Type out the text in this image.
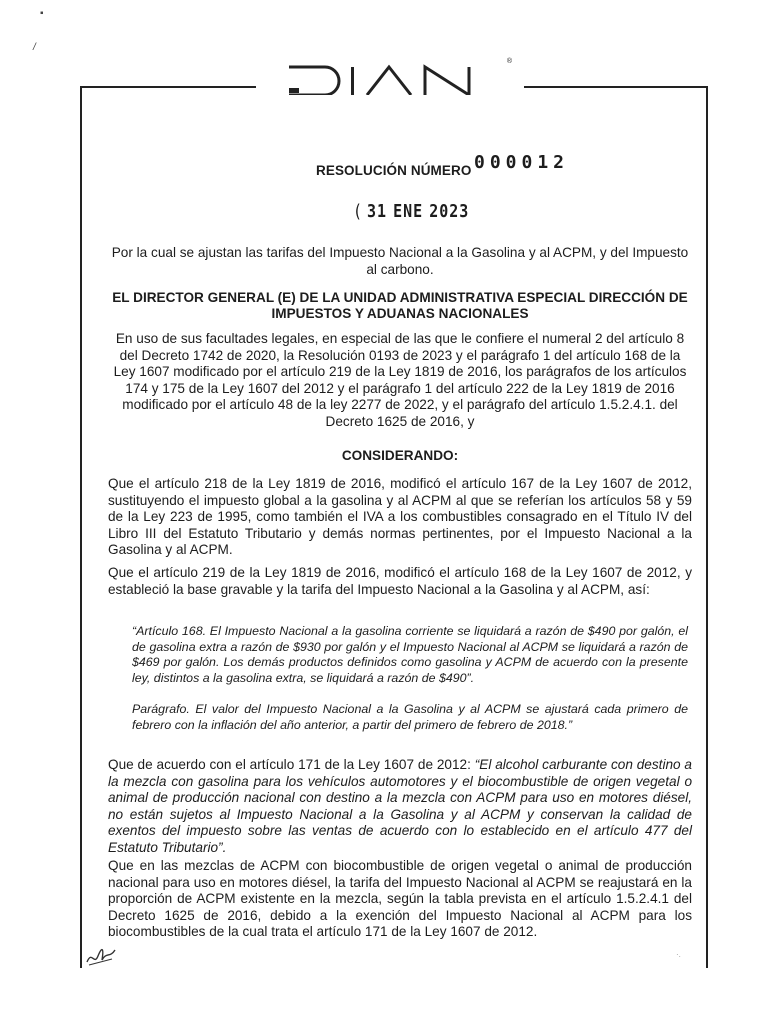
▪
/
®
RESOLUCIÓN NÚMERO 000012
( 31 ENE 2023
Por la cual se ajustan las tarifas del Impuesto Nacional a la Gasolina y al ACPM, y del Impuesto al carbono.
EL DIRECTOR GENERAL (E) DE LA UNIDAD ADMINISTRATIVA ESPECIAL DIRECCIÓN DE IMPUESTOS Y ADUANAS NACIONALES
En uso de sus facultades legales, en especial de las que le confiere el numeral 2 del artículo 8 del Decreto 1742 de 2020, la Resolución 0193 de 2023 y el parágrafo 1 del artículo 168 de la Ley 1607 modificado por el artículo 219 de la Ley 1819 de 2016, los parágrafos de los artículos 174 y 175 de la Ley 1607 del 2012 y el parágrafo 1 del artículo 222 de la Ley 1819 de 2016 modificado por el artículo 48 de la ley 2277 de 2022, y el parágrafo del artículo 1.5.2.4.1. del Decreto 1625 de 2016, y
CONSIDERANDO:
Que el artículo 218 de la Ley 1819 de 2016, modificó el artículo 167 de la Ley 1607 de 2012, sustituyendo el impuesto global a la gasolina y al ACPM al que se referían los artículos 58 y 59 de la Ley 223 de 1995, como también el IVA a los combustibles consagrado en el Título IV del Libro III del Estatuto Tributario y demás normas pertinentes, por el Impuesto Nacional a la Gasolina y al ACPM.
Que el artículo 219 de la Ley 1819 de 2016, modificó el artículo 168 de la Ley 1607 de 2012, y estableció la base gravable y la tarifa del Impuesto Nacional a la Gasolina y al ACPM, así:
“Artículo 168. El Impuesto Nacional a la gasolina corriente se liquidará a razón de $490 por galón, el de gasolina extra a razón de $930 por galón y el Impuesto Nacional al ACPM se liquidará a razón de $469 por galón. Los demás productos definidos como gasolina y ACPM de acuerdo con la presente ley, distintos a la gasolina extra, se liquidará a razón de $490”.
Parágrafo. El valor del Impuesto Nacional a la Gasolina y al ACPM se ajustará cada primero de febrero con la inflación del año anterior, a partir del primero de febrero de 2018.”
Que de acuerdo con el artículo 171 de la Ley 1607 de 2012: “El alcohol carburante con destino a la mezcla con gasolina para los vehículos automotores y el biocombustible de origen vegetal o animal de producción nacional con destino a la mezcla con ACPM para uso en motores diésel, no están sujetos al Impuesto Nacional a la Gasolina y al ACPM y conservan la calidad de exentos del impuesto sobre las ventas de acuerdo con lo establecido en el artículo 477 del Estatuto Tributario”.
Que en las mezclas de ACPM con biocombustible de origen vegetal o animal de producción nacional para uso en motores diésel, la tarifa del Impuesto Nacional al ACPM se reajustará en la proporción de ACPM existente en la mezcla, según la tabla prevista en el artículo 1.5.2.4.1 del Decreto 1625 de 2016, debido a la exención del Impuesto Nacional al ACPM para los biocombustibles de la cual trata el artículo 171 de la Ley 1607 de 2012.
·.
